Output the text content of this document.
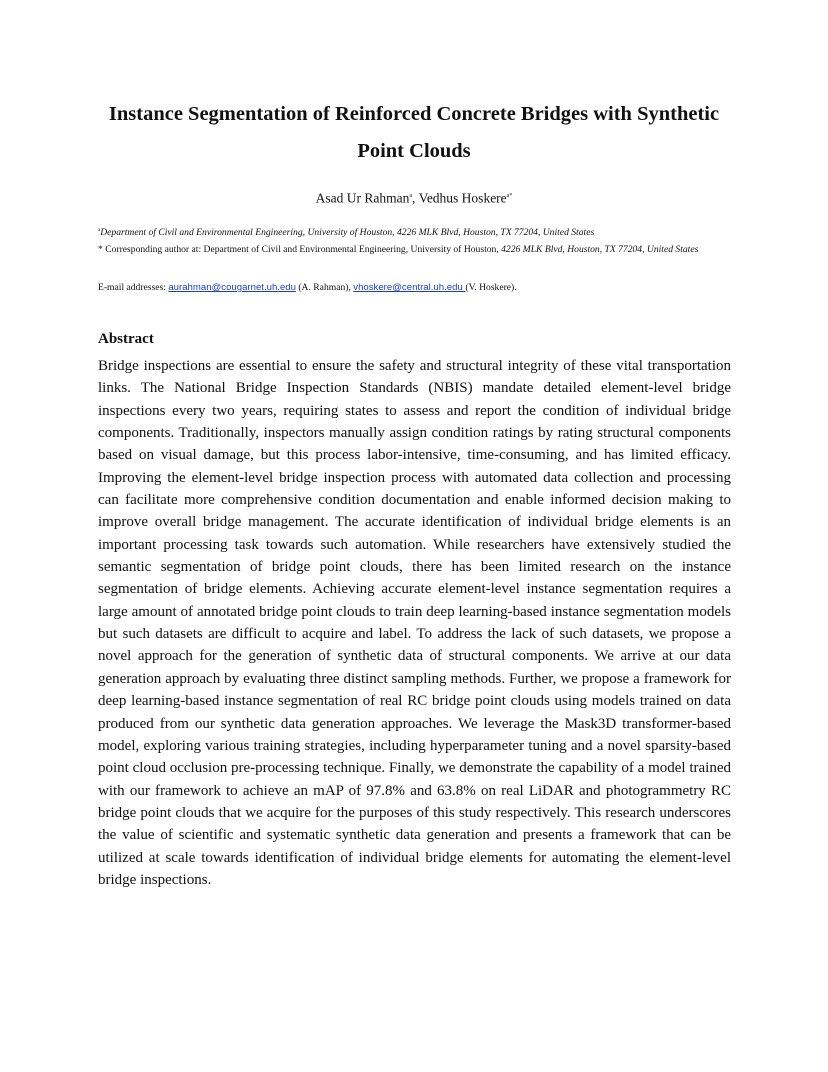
Instance Segmentation of Reinforced Concrete Bridges with Synthetic Point Clouds
Asad Ur Rahman$^a$, Vedhus Hoskere$^{a*}$
$^a$Department of Civil and Environmental Engineering, University of Houston, 4226 MLK Blvd, Houston, TX 77204, United States
* Corresponding author at: Department of Civil and Environmental Engineering, University of Houston, 4226 MLK Blvd, Houston, TX 77204, United States
E-mail addresses: aurahman@cougarnet.uh.edu (A. Rahman), vhoskere@central.uh.edu (V. Hoskere).
Abstract

Bridge inspections are essential to ensure the safety and structural integrity of these vital transportation links. The National Bridge Inspection Standards (NBIS) mandate detailed element-level bridge inspections every two years, requiring states to assess and report the condition of individual bridge components. Traditionally, inspectors manually assign condition ratings by rating structural components based on visual damage, but this process labor-intensive, time-consuming, and has limited efficacy. Improving the element-level bridge inspection process with automated data collection and processing can facilitate more comprehensive condition documentation and enable informed decision making to improve overall bridge management. The accurate identification of individual bridge elements is an important processing task towards such automation. While researchers have extensively studied the semantic segmentation of bridge point clouds, there has been limited research on the instance segmentation of bridge elements. Achieving accurate element-level instance segmentation requires a large amount of annotated bridge point clouds to train deep learning-based instance segmentation models but such datasets are difficult to acquire and label. To address the lack of such datasets, we propose a novel approach for the generation of synthetic data of structural components. We arrive at our data generation approach by evaluating three distinct sampling methods. Further, we propose a framework for deep learning-based instance segmentation of real RC bridge point clouds using models trained on data produced from our synthetic data generation approaches. We leverage the Mask3D transformer-based model, exploring various training strategies, including hyperparameter tuning and a novel sparsity-based point cloud occlusion pre-processing technique. Finally, we demonstrate the capability of a model trained with our framework to achieve an mAP of 97.8% and 63.8% on real LiDAR and photogrammetry RC bridge point clouds that we acquire for the purposes of this study respectively. This research underscores the value of scientific and systematic synthetic data generation and presents a framework that can be utilized at scale towards identification of individual bridge elements for automating the element-level bridge inspections.
